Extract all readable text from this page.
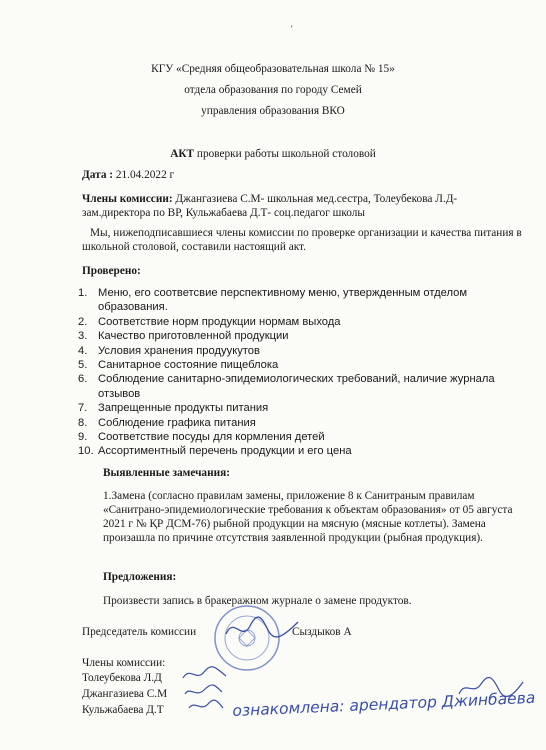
'
КГУ «Средняя общеобразовательная школа № 15»
отдела образования по городу Семей
управления образования ВКО
АКТ проверки работы школьной столовой
Дата : 21.04.2022 г
Члены комиссии: Джангазиева С.М- школьная мед.сестра, Толеубекова Л.Д- зам.директора по ВР, Кульжабаева Д.Т- соц.педагог школы
Мы, нижеподписавшиеся члены комиссии по проверке организации и качества питания в школьной столовой, составили настоящий акт.
Проверено:
1. Меню, его соответсвие перспективному меню, утвержденным отделом образования.
2. Соответствие норм продукции нормам выхода
3. Качество приготовленной продукции
4. Условия хранения продуукутов
5. Санитарное состояние пищеблока
6. Соблюдение санитарно-эпидемиологических требований, наличие журнала отзывов
7. Запрещенные продукты питания
8. Соблюдение графика питания
9. Соответствие посуды для кормления детей
10. Ассортиментный перечень продукции и его цена
Выявленные замечания:
1.Замена (согласно правилам замены, приложение 8 к Санитраным правилам «Санитрано-эпидемиологические требования к объектам образования» от 05 августа 2021 г № ҚР ДСМ-76) рыбной продукции на мясную (мясные котлеты). Замена произашла по причине отсутствия заявленной продукции (рыбная продукция).
Предложения:
Произвести запись в бракеражном журнале о замене продуктов.
Председатель комиссии	Сыздыков А
Члены комиссии:
Толеубекова Л.Д
Джангазиева С.М
Кульжабаева Д.Т	ознакомлена: арендатор Джинбаева
